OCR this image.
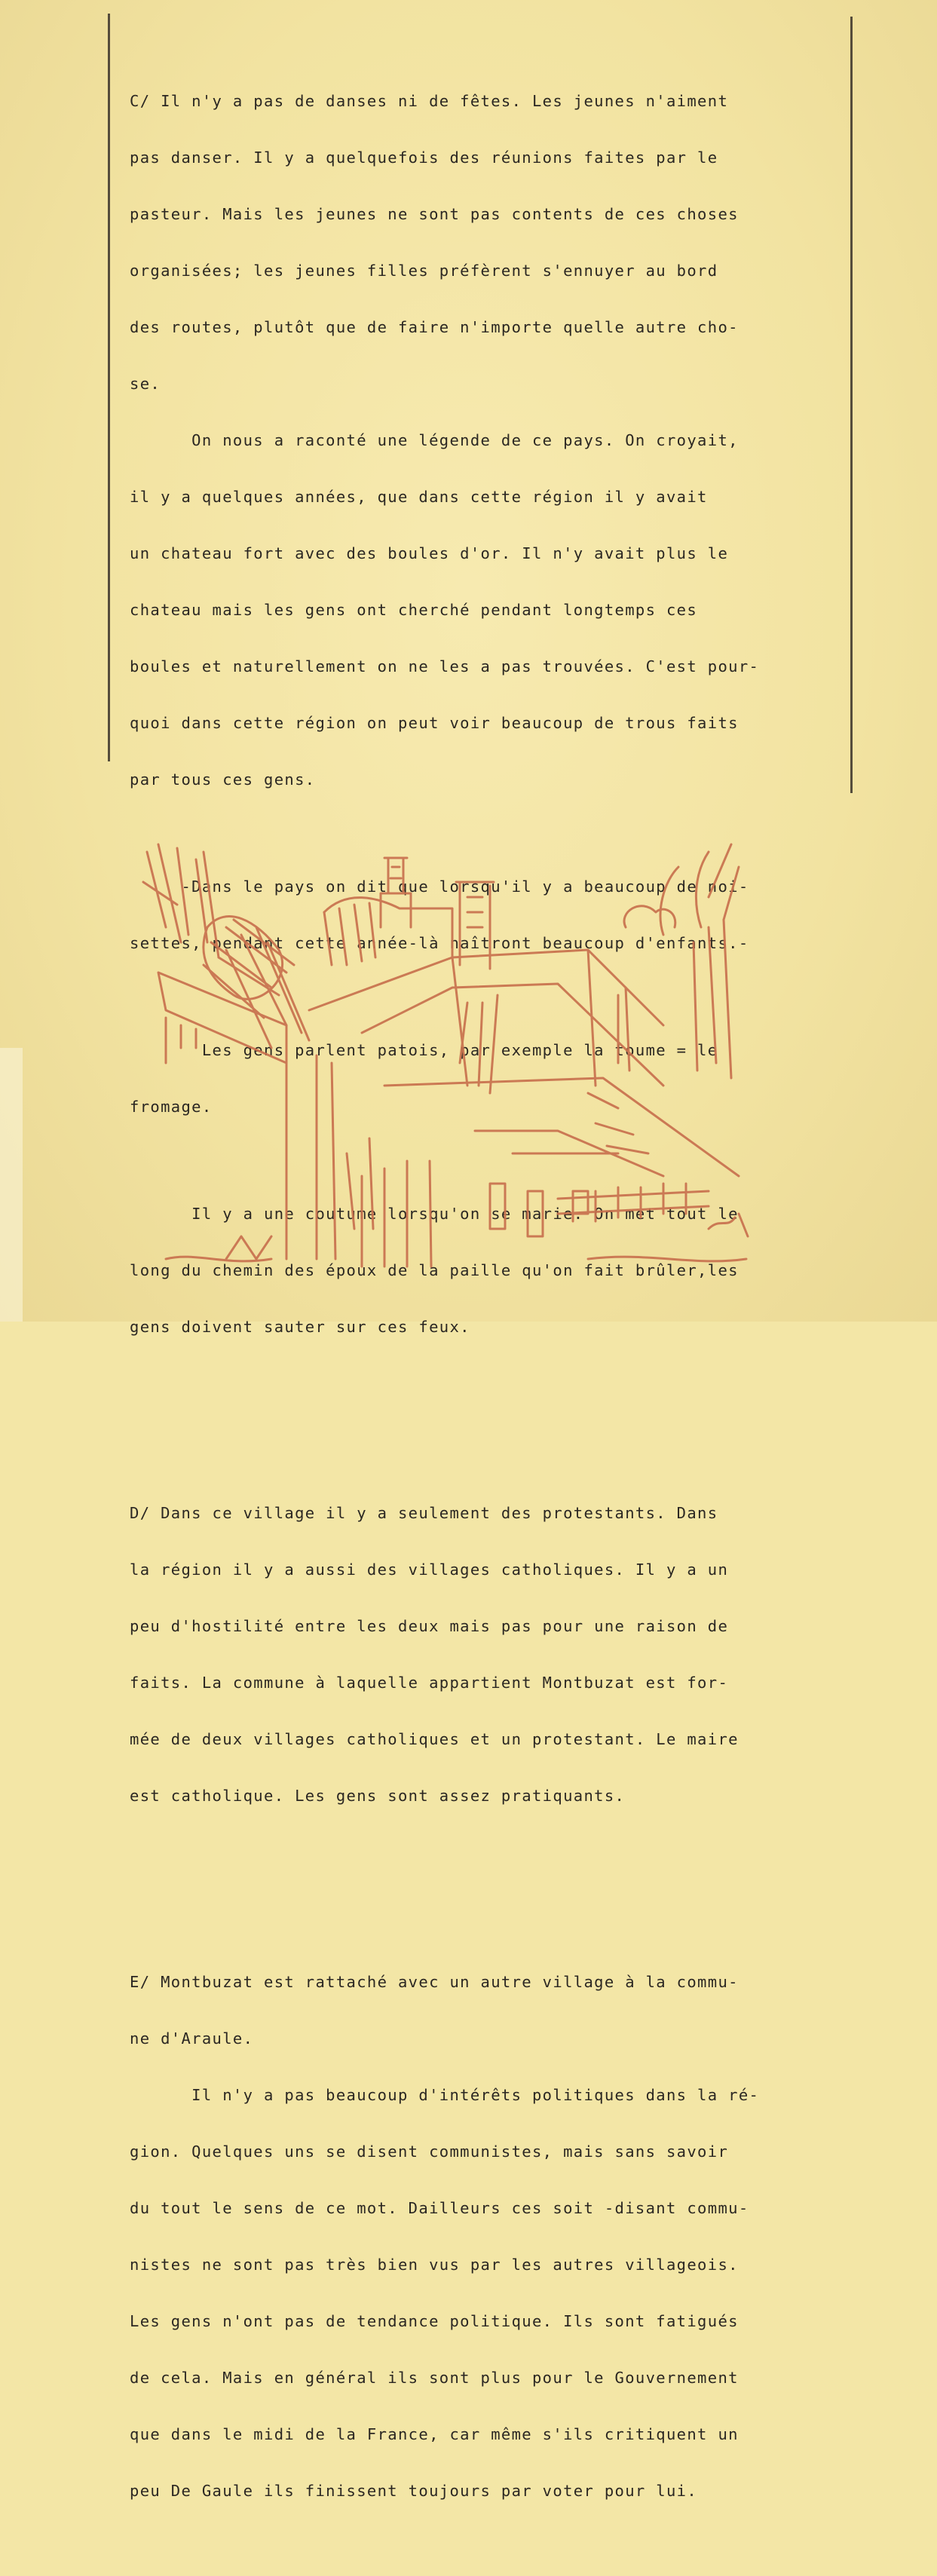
C/ Il n'y a pas de danses ni de fêtes. Les jeunes n'aiment

pas danser. Il y a quelquefois des réunions faites par le

pasteur. Mais les jeunes ne sont pas contents de ces choses

organisées; les jeunes filles préfèrent s'ennuyer au bord

des routes, plutôt que de faire n'importe quelle autre cho-

se.

On nous a raconté une légende de ce pays. On croyait,

il y a quelques années, que dans cette région il y avait

un chateau fort avec des boules d'or. Il n'y avait plus le

chateau mais les gens ont cherché pendant longtemps ces

boules et naturellement on ne les a pas trouvées. C'est pour-

quoi dans cette région on peut voir beaucoup de trous faits

par tous ces gens.

-Dans le pays on dit que lorsqu'il y a beaucoup de noi-

settes, pendant cette année-là naîtront beaucoup d'enfants.-

Les gens parlent patois, par exemple la toume = le

fromage.

Il y a une coutume lorsqu'on se marie. On met tout le

long du chemin des époux de la paille qu'on fait brûler,les

gens doivent sauter sur ces feux.

D/ Dans ce village il y a seulement des protestants. Dans

la région il y a aussi des villages catholiques. Il y a un

peu d'hostilité entre les deux mais pas pour une raison de

faits. La commune à laquelle appartient Montbuzat est for-

mée de deux villages catholiques et un protestant. Le maire

est catholique. Les gens sont assez pratiquants.

E/ Montbuzat est rattaché avec un autre village à la commu-

ne d'Araule.

Il n'y a pas beaucoup d'intérêts politiques dans la ré-

gion. Quelques uns se disent communistes, mais sans savoir

du tout le sens de ce mot. Dailleurs ces soit -disant commu-

nistes ne sont pas très bien vus par les autres villageois.

Les gens n'ont pas de tendance politique. Ils sont fatigués

de cela. Mais en général ils sont plus pour le Gouvernement

que dans le midi de la France, car même s'ils critiquent un

peu De Gaule ils finissent toujours par voter pour lui.
